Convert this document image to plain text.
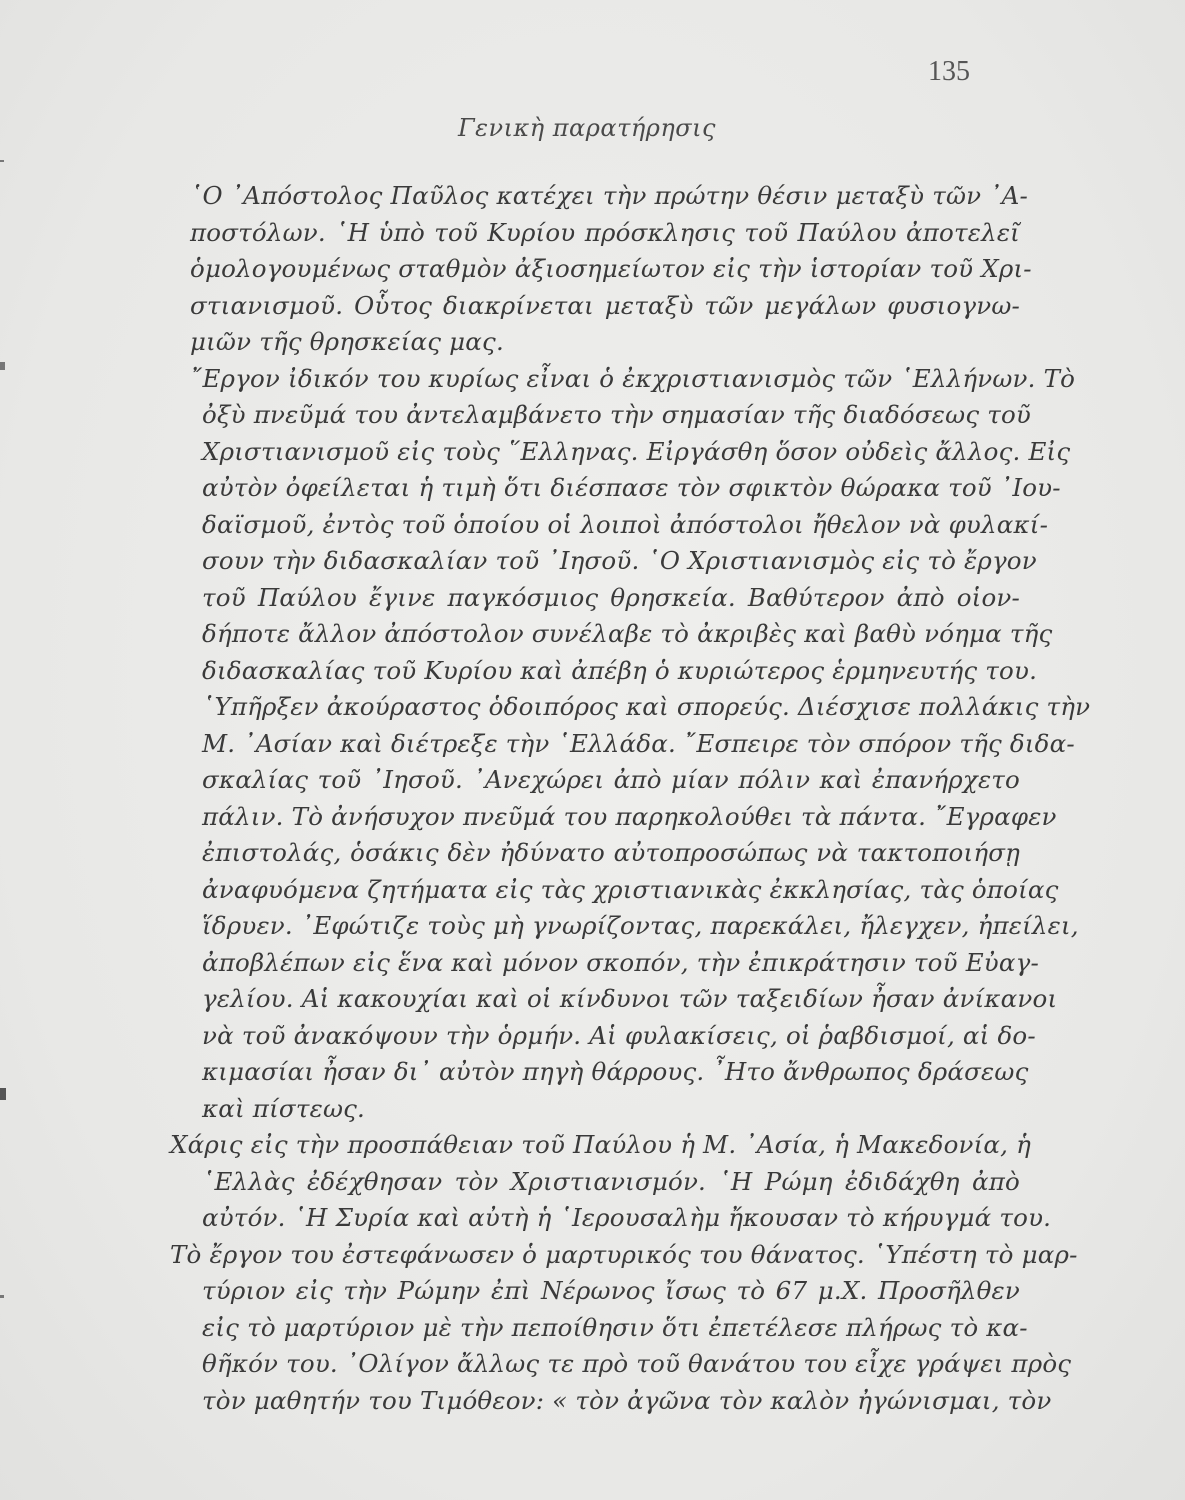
135
Γενικὴ παρατήρησις
῾Ο ᾿Απόστολος Παῦλος κατέχει τὴν πρώτην θέσιν μεταξὺ τῶν ᾿Α-
ποστόλων. ῾Η ὑπὸ τοῦ Κυρίου πρόσκλησις τοῦ Παύλου ἀποτελεῖ
ὁμολογουμένως σταθμὸν ἀξιοσημείωτον εἰς τὴν ἱστορίαν τοῦ Χρι-
στιανισμοῦ. Οὗτος διακρίνεται μεταξὺ τῶν μεγάλων φυσιογνω-
μιῶν τῆς θρησκείας μας.
῎Εργον ἰδικόν του κυρίως εἶναι ὁ ἐκχριστιανισμὸς τῶν ῾Ελλήνων. Τὸ
ὀξὺ πνεῦμά του ἀντελαμβάνετο τὴν σημασίαν τῆς διαδόσεως τοῦ
Χριστιανισμοῦ εἰς τοὺς ῞Ελληνας. Εἰργάσθη ὅσον οὐδεὶς ἄλλος. Εἰς
αὐτὸν ὀφείλεται ἡ τιμὴ ὅτι διέσπασε τὸν σφικτὸν θώρακα τοῦ ᾿Ιου-
δαϊσμοῦ, ἐντὸς τοῦ ὁποίου οἱ λοιποὶ ἀπόστολοι ἤθελον νὰ φυλακί-
σουν τὴν διδασκαλίαν τοῦ ᾿Ιησοῦ. ῾Ο Χριστιανισμὸς εἰς τὸ ἔργον
τοῦ Παύλου ἔγινε παγκόσμιος θρησκεία. Βαθύτερον ἀπὸ οἱον-
δήποτε ἄλλον ἀπόστολον συνέλαβε τὸ ἀκριβὲς καὶ βαθὺ νόημα τῆς
διδασκαλίας τοῦ Κυρίου καὶ ἀπέβη ὁ κυριώτερος ἑρμηνευτής του.
῾Υπῆρξεν ἀκούραστος ὁδοιπόρος καὶ σπορεύς. Διέσχισε πολλάκις τὴν
Μ. ᾿Ασίαν καὶ διέτρεξε τὴν ῾Ελλάδα. ῎Εσπειρε τὸν σπόρον τῆς διδα-
σκαλίας τοῦ ᾿Ιησοῦ. ᾿Ανεχώρει ἀπὸ μίαν πόλιν καὶ ἐπανήρχετο
πάλιν. Τὸ ἀνήσυχον πνεῦμά του παρηκολούθει τὰ πάντα. ῎Εγραφεν
ἐπιστολάς, ὁσάκις δὲν ἠδύνατο αὐτοπροσώπως νὰ τακτοποιήσῃ
ἀναφυόμενα ζητήματα εἰς τὰς χριστιανικὰς ἐκκλησίας, τὰς ὁποίας
ἵδρυεν. ᾿Εφώτιζε τοὺς μὴ γνωρίζοντας, παρεκάλει, ἤλεγχεν, ἠπείλει,
ἀποβλέπων εἰς ἕνα καὶ μόνον σκοπόν, τὴν ἐπικράτησιν τοῦ Εὐαγ-
γελίου. Αἱ κακουχίαι καὶ οἱ κίνδυνοι τῶν ταξειδίων ἦσαν ἀνίκανοι
νὰ τοῦ ἀνακόψουν τὴν ὁρμήν. Αἱ φυλακίσεις, οἱ ῥαβδισμοί, αἱ δο-
κιμασίαι ἦσαν δι᾿ αὐτὸν πηγὴ θάρρους. ῏Ητο ἄνθρωπος δράσεως
καὶ πίστεως.
Χάρις εἰς τὴν προσπάθειαν τοῦ Παύλου ἡ Μ. ᾿Ασία, ἡ Μακεδονία, ἡ
῾Ελλὰς ἐδέχθησαν τὸν Χριστιανισμόν. ῾Η Ρώμη ἐδιδάχθη ἀπὸ
αὐτόν. ῾Η Συρία καὶ αὐτὴ ἡ ῾Ιερουσαλὴμ ἤκουσαν τὸ κήρυγμά του.
Τὸ ἔργον του ἐστεφάνωσεν ὁ μαρτυρικός του θάνατος. ῾Υπέστη τὸ μαρ-
τύριον εἰς τὴν Ρώμην ἐπὶ Νέρωνος ἴσως τὸ 67 μ.Χ. Προσῆλθεν
εἰς τὸ μαρτύριον μὲ τὴν πεποίθησιν ὅτι ἐπετέλεσε πλήρως τὸ κα-
θῆκόν του. ᾿Ολίγον ἄλλως τε πρὸ τοῦ θανάτου του εἶχε γράψει πρὸς
τὸν μαθητήν του Τιμόθεον: « τὸν ἀγῶνα τὸν καλὸν ἠγώνισμαι, τὸν
